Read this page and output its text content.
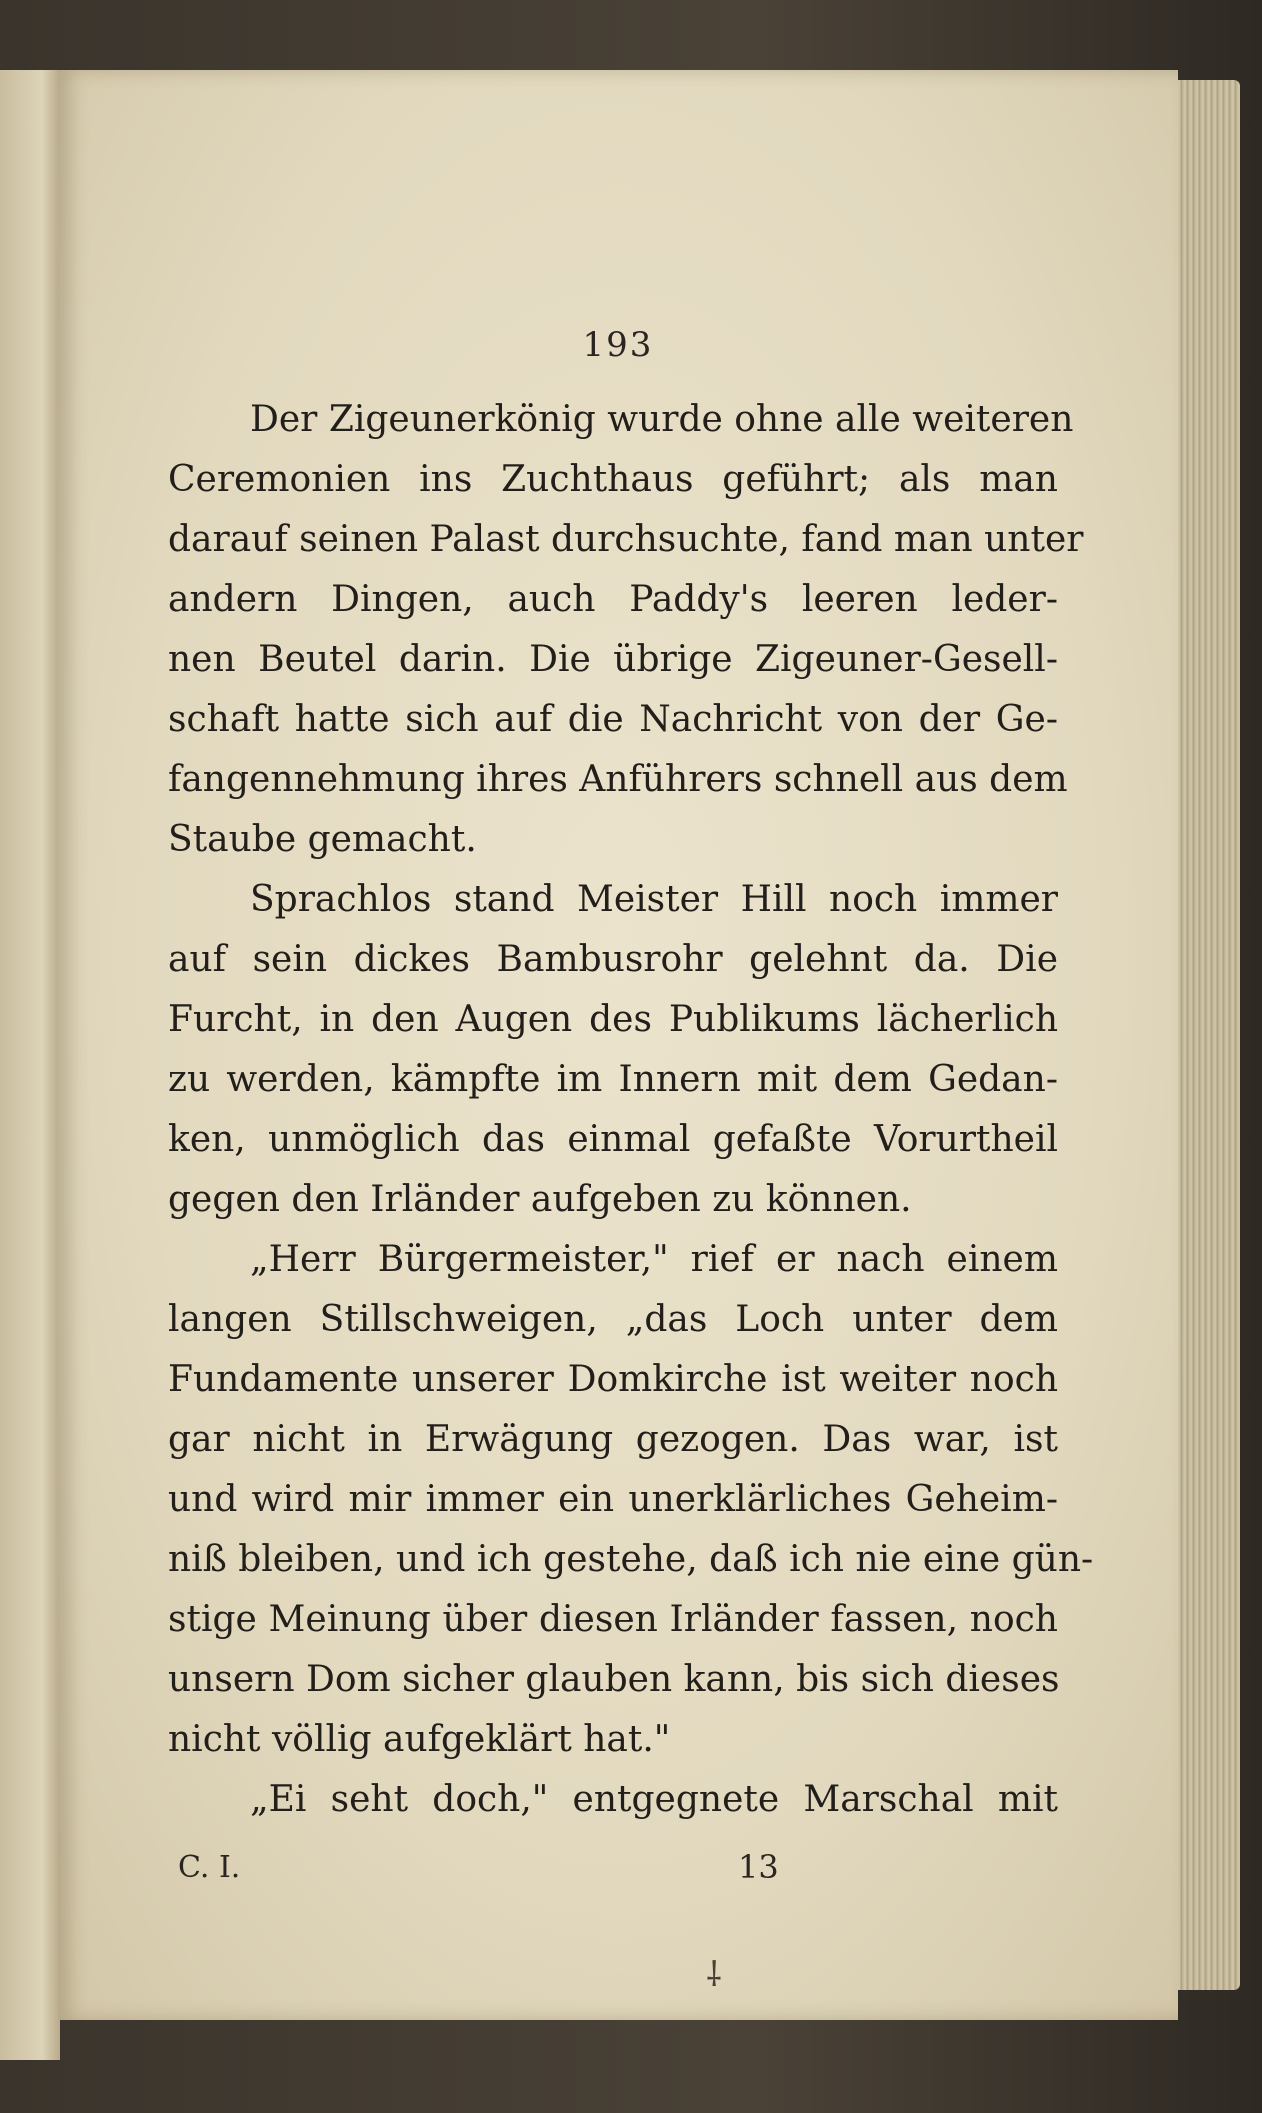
193
Der Zigeunerkönig wurde ohne alle weiteren
Ceremonien ins Zuchthaus geführt; als man
darauf seinen Palast durchsuchte, fand man unter
andern Dingen, auch Paddy's leeren leder-
nen Beutel darin. Die übrige Zigeuner-Gesell-
schaft hatte sich auf die Nachricht von der Ge-
fangennehmung ihres Anführers schnell aus dem
Staube gemacht.
Sprachlos stand Meister Hill noch immer
auf sein dickes Bambusrohr gelehnt da. Die
Furcht, in den Augen des Publikums lächerlich
zu werden, kämpfte im Innern mit dem Gedan-
ken, unmöglich das einmal gefaßte Vorurtheil
gegen den Irländer aufgeben zu können.
„Herr Bürgermeister," rief er nach einem
langen Stillschweigen, „das Loch unter dem
Fundamente unserer Domkirche ist weiter noch
gar nicht in Erwägung gezogen. Das war, ist
und wird mir immer ein unerklärliches Geheim-
niß bleiben, und ich gestehe, daß ich nie eine gün-
stige Meinung über diesen Irländer fassen, noch
unsern Dom sicher glauben kann, bis sich dieses
nicht völlig aufgeklärt hat."
„Ei seht doch," entgegnete Marschal mit
C. I.	13
⸸
